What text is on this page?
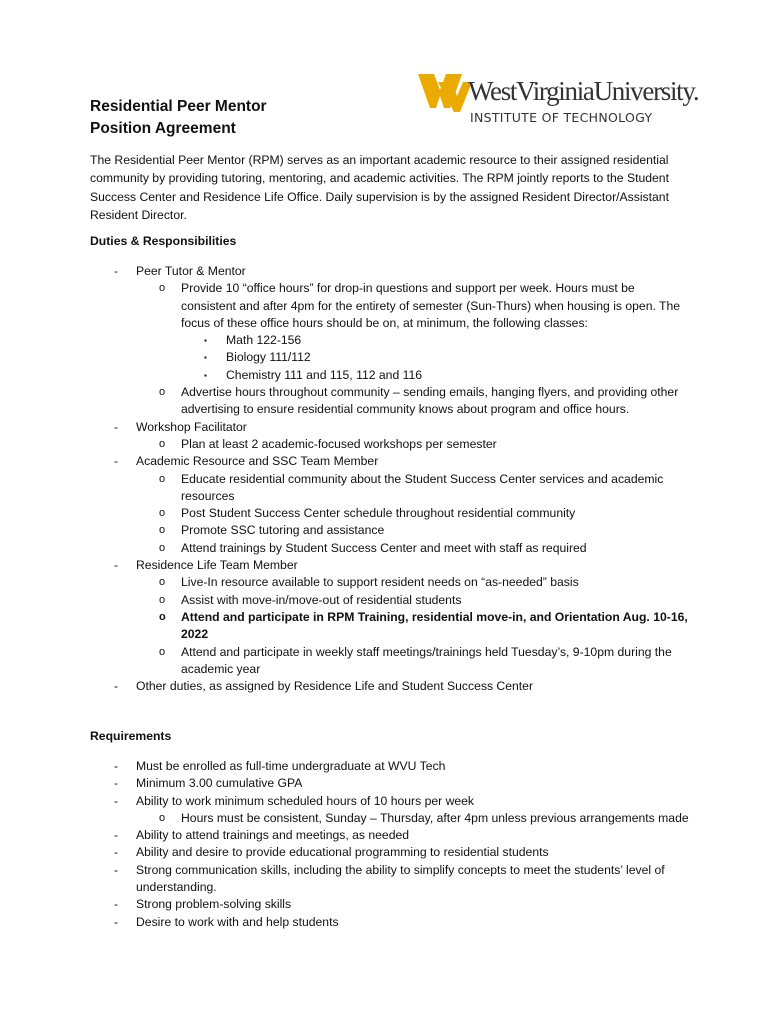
WestVirginiaUniversity.
INSTITUTE OF TECHNOLOGY
Residential Peer Mentor
Position Agreement
The Residential Peer Mentor (RPM) serves as an important academic resource to their assigned residential community by providing tutoring, mentoring, and academic activities. The RPM jointly reports to the Student Success Center and Residence Life Office. Daily supervision is by the assigned Resident Director/Assistant Resident Director.
Duties & Responsibilities
- Peer Tutor & Mentor
o Provide 10 “office hours” for drop-in questions and support per week. Hours must be consistent and after 4pm for the entirety of semester (Sun-Thurs) when housing is open. The focus of these office hours should be on, at minimum, the following classes:
▪ Math 122-156
▪ Biology 111/112
▪ Chemistry 111 and 115, 112 and 116
o Advertise hours throughout community – sending emails, hanging flyers, and providing other advertising to ensure residential community knows about program and office hours.
- Workshop Facilitator
o Plan at least 2 academic-focused workshops per semester
- Academic Resource and SSC Team Member
o Educate residential community about the Student Success Center services and academic resources
o Post Student Success Center schedule throughout residential community
o Promote SSC tutoring and assistance
o Attend trainings by Student Success Center and meet with staff as required
- Residence Life Team Member
o Live-In resource available to support resident needs on “as-needed” basis
o Assist with move-in/move-out of residential students
o Attend and participate in RPM Training, residential move-in, and Orientation Aug. 10-16, 2022
o Attend and participate in weekly staff meetings/trainings held Tuesday’s, 9-10pm during the academic year
- Other duties, as assigned by Residence Life and Student Success Center
Requirements
- Must be enrolled as full-time undergraduate at WVU Tech
- Minimum 3.00 cumulative GPA
- Ability to work minimum scheduled hours of 10 hours per week
o Hours must be consistent, Sunday – Thursday, after 4pm unless previous arrangements made
- Ability to attend trainings and meetings, as needed
- Ability and desire to provide educational programming to residential students
- Strong communication skills, including the ability to simplify concepts to meet the students’ level of understanding.
- Strong problem-solving skills
- Desire to work with and help students
